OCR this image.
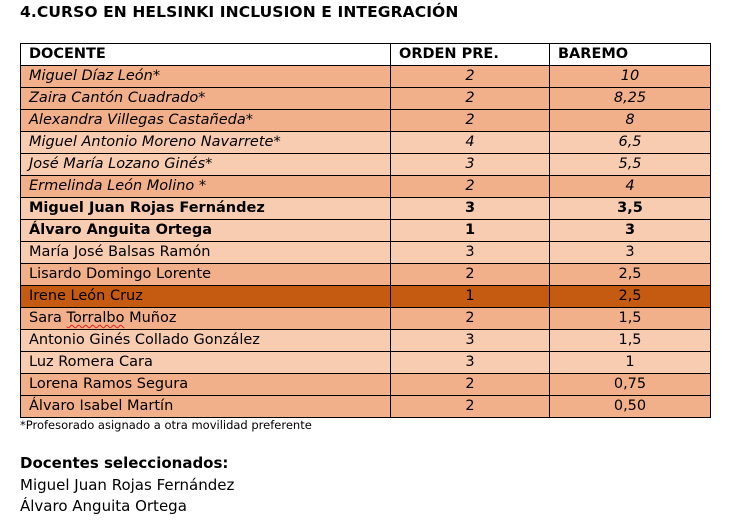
4.CURSO EN HELSINKI INCLUSION E INTEGRACIÓN
DOCENTE	ORDEN PRE.	BAREMO
Miguel Díaz León*	2	10
Zaira Cantón Cuadrado*	2	8,25
Alexandra Villegas Castañeda*	2	8
Miguel Antonio Moreno Navarrete*	4	6,5
José María Lozano Ginés*	3	5,5
Ermelinda León Molino *	2	4
Miguel Juan Rojas Fernández	3	3,5
Álvaro Anguita Ortega	1	3
María José Balsas Ramón	3	3
Lisardo Domingo Lorente	2	2,5
Irene León Cruz	1	2,5
Sara Torralbo Muñoz	2	1,5
Antonio Ginés Collado González	3	1,5
Luz Romera Cara	3	1
Lorena Ramos Segura	2	0,75
Álvaro Isabel Martín	2	0,50
*Profesorado asignado a otra movilidad preferente
Docentes seleccionados:
Miguel Juan Rojas Fernández
Álvaro Anguita Ortega
